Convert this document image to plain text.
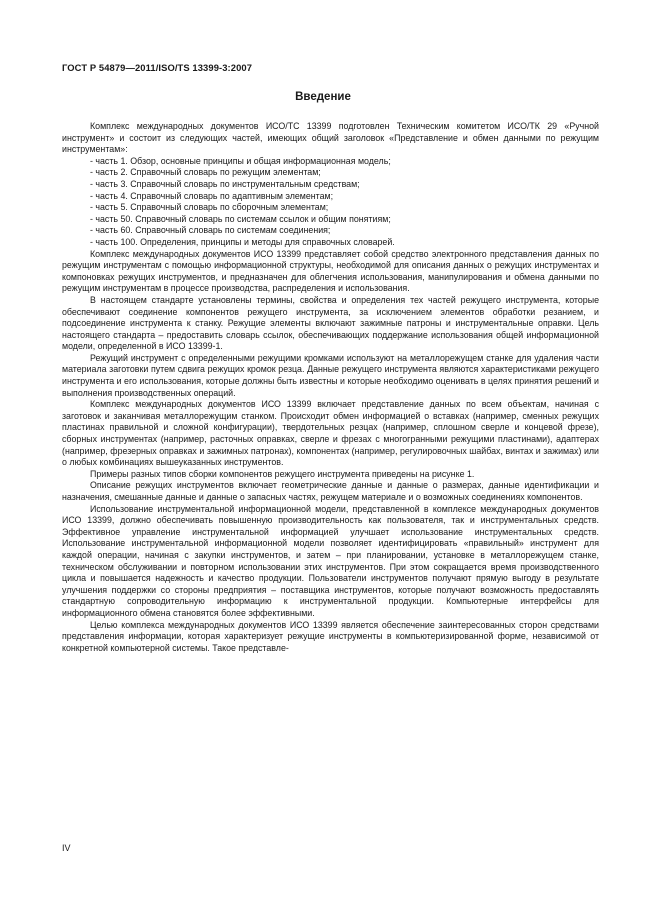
ГОСТ Р 54879—2011/ISO/TS 13399-3:2007
Введение

Комплекс международных документов ИСО/ТС 13399 подготовлен Техническим комитетом ИСО/ТК 29 «Ручной инструмент» и состоит из следующих частей, имеющих общий заголовок «Представление и обмен данными по режущим инструментам»:

- часть 1. Обзор, основные принципы и общая информационная модель;
- часть 2. Справочный словарь по режущим элементам;
- часть 3. Справочный словарь по инструментальным средствам;
- часть 4. Справочный словарь по адаптивным элементам;
- часть 5. Справочный словарь по сборочным элементам;
- часть 50. Справочный словарь по системам ссылок и общим понятиям;
- часть 60. Справочный словарь по системам соединения;
- часть 100. Определения, принципы и методы для справочных словарей.

Комплекс международных документов ИСО 13399 представляет собой средство электронного представления данных по режущим инструментам с помощью информационной структуры, необходимой для описания данных о режущих инструментах и компоновках режущих инструментов, и предназначен для облегчения использования, манипулирования и обмена данными по режущим инструментам в процессе производства, распределения и использования.

В настоящем стандарте установлены термины, свойства и определения тех частей режущего инструмента, которые обеспечивают соединение компонентов режущего инструмента, за исключением элементов обработки резанием, и подсоединение инструмента к станку. Режущие элементы включают зажимные патроны и инструментальные оправки. Цель настоящего стандарта – предоставить словарь ссылок, обеспечивающих поддержание использования общей информационной модели, определенной в ИСО 13399-1.

Режущий инструмент с определенными режущими кромками используют на металлорежущем станке для удаления части материала заготовки путем сдвига режущих кромок резца. Данные режущего инструмента являются характеристиками режущего инструмента и его использования, которые должны быть известны и которые необходимо оценивать в целях принятия решений и выполнения производственных операций.

Комплекс международных документов ИСО 13399 включает представление данных по всем объектам, начиная с заготовок и заканчивая металлорежущим станком. Происходит обмен информацией о вставках (например, сменных режущих пластинах правильной и сложной конфигурации), твердотельных резцах (например, сплошном сверле и концевой фрезе), сборных инструментах (например, расточных оправках, сверле и фрезах с многогранными режущими пластинами), адаптерах (например, фрезерных оправках и зажимных патронах), компонентах (например, регулировочных шайбах, винтах и зажимах) или о любых комбинациях вышеуказанных инструментов.

Примеры разных типов сборки компонентов режущего инструмента приведены на рисунке 1.

Описание режущих инструментов включает геометрические данные и данные о размерах, данные идентификации и назначения, смешанные данные и данные о запасных частях, режущем материале и о возможных соединениях компонентов.

Использование инструментальной информационной модели, представленной в комплексе международных документов ИСО 13399, должно обеспечивать повышенную производительность как пользователя, так и инструментальных средств. Эффективное управление инструментальной информацией улучшает использование инструментальных средств. Использование инструментальной информационной модели позволяет идентифицировать «правильный» инструмент для каждой операции, начиная с закупки инструментов, и затем – при планировании, установке в металлорежущем станке, техническом обслуживании и повторном использовании этих инструментов. При этом сокращается время производственного цикла и повышается надежность и качество продукции. Пользователи инструментов получают прямую выгоду в результате улучшения поддержки со стороны предприятия – поставщика инструментов, которые получают возможность предоставлять стандартную сопроводительную информацию к инструментальной продукции. Компьютерные интерфейсы для информационного обмена становятся более эффективными.

Целью комплекса международных документов ИСО 13399 является обеспечение заинтересованных сторон средствами представления информации, которая характеризует режущие инструменты в компьютеризированной форме, независимой от конкретной компьютерной системы. Такое представле-

IV
